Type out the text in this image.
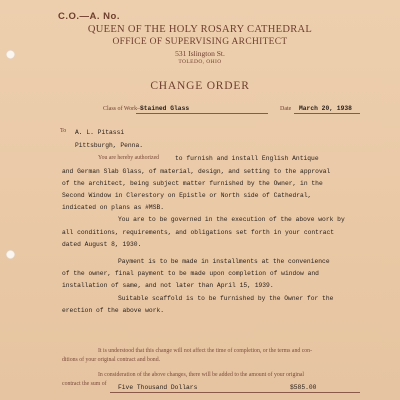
C.O.—A. No.
QUEEN OF THE HOLY ROSARY CATHEDRAL
OFFICE OF SUPERVISING ARCHITECT
531 Islington St.
TOLEDO, OHIO
CHANGE ORDER
Class of Work—
Stained Glass	Date March 20, 1938
To A. L. Pitassi
Pittsburgh, Penna.
You are hereby authorized	to furnish and install English Antique
and German Slab Glass, of material, design, and setting to the approval
of the architect, being subject matter furnished by the Owner, in the
Second Window in Clerestory on Epistle or North side of Cathedral,
indicated on plans as #MSB.
You are to be governed in the execution of the above work by
all conditions, requirements, and obligations set forth in your contract
dated August 8, 1930.
Payment is to be made in installments at the convenience
of the owner, final payment to be made upon completion of window and
installation of same, and not later than April 15, 1939.
Suitable scaffold is to be furnished by the Owner for the
erection of the above work.
It is understood that this change will not affect the time of completion, or the terms and con-
ditions of your original contract and bond.
In consideration of the above changes, there will be added to the amount of your original
contract the sum of Five Thousand Dollars	$585.00
